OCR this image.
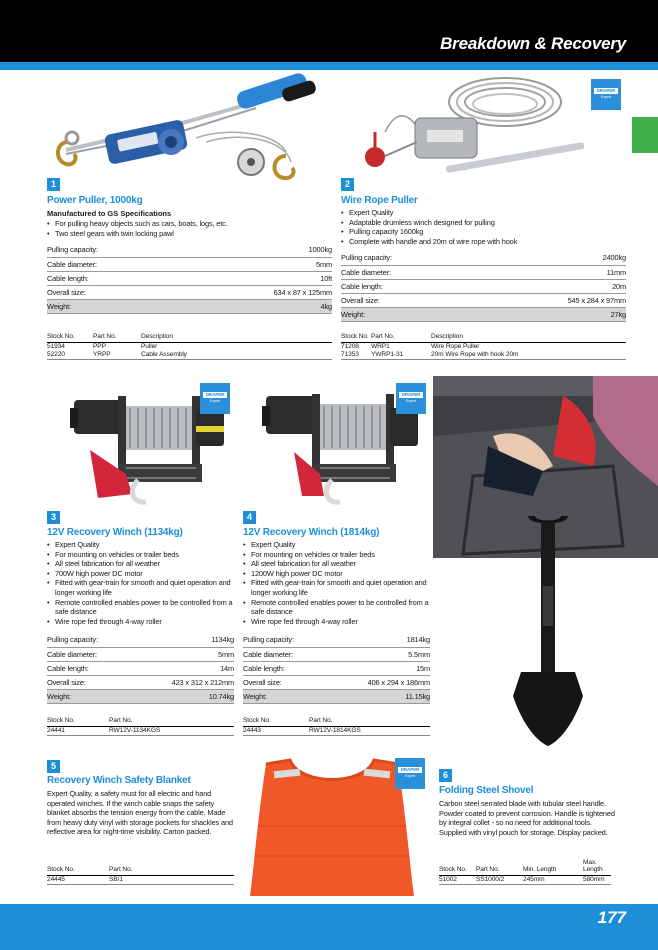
Breakdown & Recovery
1
Power Puller, 1000kg
Manufactured to GS Specifications
• For pulling heavy objects such as cars, boats, logs, etc.
• Two steel gears with twin locking pawl
Pulling capacity:	1000kg
Cable diameter:	5mm
Cable length:	10ft
Overall size:	634 x 87 x 125mm
Weight:	4kg
Stock No.	Part No.	Description
51934	PPP	Puller
52220	YRPP	Cable Assembly
DRAPER
Expert
2
Wire Rope Puller
• Expert Quality
• Adaptable drumless winch designed for pulling
• Pulling capacity 1600kg
• Complete with handle and 20m of wire rope with hook
Pulling capacity:	2400kg
Cable diameter:	11mm
Cable length:	20m
Overall size:	545 x 284 x 97mm
Weight:	27kg
Stock No.	Part No.	Description
71208	WRP1	Wire Rope Puller
71353	YWRP1-31	20m Wire Rope with hook 20m
DRAPER
Expert
3
12V Recovery Winch (1134kg)
• Expert Quality
• For mounting on vehicles or trailer beds
• All steel fabrication for all weather
• 700W high power DC motor
• Fitted with gear-train for smooth and quiet operation and longer working life
• Remote controlled enables power to be controlled from a safe distance
• Wire rope fed through 4-way roller
Pulling capacity:	1134kg
Cable diameter:	5mm
Cable length:	14m
Overall size:	423 x 312 x 212mm
Weight:	10.74kg
Stock No.	Part No.
24441	RW12V-1134KGS
DRAPER
Expert
4
12V Recovery Winch (1814kg)
• Expert Quality
• For mounting on vehicles or trailer beds
• All steel fabrication for all weather
• 1200W high power DC motor
• Fitted with gear-train for smooth and quiet operation and longer working life
• Remote controlled enables power to be controlled from a safe distance
• Wire rope fed through 4-way roller
Pulling capacity:	1814kg
Cable diameter:	5.5mm
Cable length:	15m
Overall size:	406 x 294 x 186mm
Weight:	11.15kg
Stock No.	Part No.
24443	RW12V-1814KGS
6
Folding Steel Shovel
Carbon steel serrated blade with tubular steel handle. Powder coated to prevent corrosion. Handle is tightened by integral collet - so no need for additional tools. Supplied with vinyl pouch for storage. Display packed.
Stock No.	Part No.	Min. Length	Max. Length
51002	SS1000/2	245mm	580mm
5
Recovery Winch Safety Blanket
Expert Quality, a safety must for all electric and hand operated winches. If the winch cable snaps the safety blanket absorbs the tension energy from the cable. Made from heavy duty vinyl with storage pockets for shackles and reflective area for night-time visibility. Carton packed.
Stock No.	Part No.
24445	SB/1
DRAPER
Expert
177
